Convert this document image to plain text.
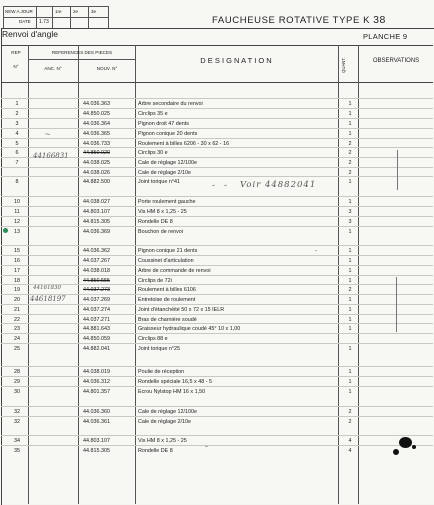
NEW A JOUR	1re	2e	3e
DATE 1.73	FAUCHEUSE ROTATIVE TYPE K 38
Renvoi d'angle	PLANCHE 9
REP
N°
REFERENCES DES PIECES
ANC. N°	NOUV. N°
D E S I G N A T I O N	QUANT.	OBSERVATIONS
1	44.036.363	Arbre secondaire du renvoi	1
2	44.850.025	Circlips 35 e	1
3	44.036.364	Pignon droit 47 dents	1
4	44.036.365	Pignon conique 20 dents	1
5	44.036.733	Roulement à billes 6206 - 30 x 62 - 16	2
6	44.850.020	Circlips 30 e	2
7	44.038.025	Cale de réglage 12/100e	2
44.038.026	Cale de réglage 2/10e	2
8	44.882.500	Joint torique n°41	1
10	44.038.027	Porte roulement gauche	1
11	44.803.107	Vis HM 8 x 1,25 - 25	3
12	44.815.305	Rondelle DE 8	3
13	44.036.369	Bouchon de renvoi	1
15	44.036.362	Pignon conique 21 dents	1
16	44.037.267	Coussinet d'articulation	1
17	44.038.018	Arbre de commande de renvoi	1
18	44.850.555	Circlips de 72i	1
19	44.037.273	Roulement à billes 6106	2
20	44.037.269	Entretoise de roulement	1
21	44.037.274	Joint d'étanchéité 50 x 72 x 15 IELR	1
22	44.037.271	Bras de charnière soudé	1
23	44.881.643	Graisseur hydraulique coudé 45° 10 x 1,00	1
24	44.850.059	Circlips 88 e
25	44.882.041	Joint torique n°25	1
28	44.038.019	Poulie de réception	1
29	44.036.312	Rondelle spéciale 16,5 x 48 - 5	1
30	44.801.357	Ecrou Nylstop HM 16 x 1,50	1
32	44.036.360	Cale de réglage 12/100e	2
32	44.036.361	Cale de réglage 2/10e	2
34	44.803.107	Vis HM 8 x 1,25 - 25	4
35	44.815.305	Rondelle DE 8	4
44166831
Voir 44882041
44161830
44618197
~
- -
-
-
